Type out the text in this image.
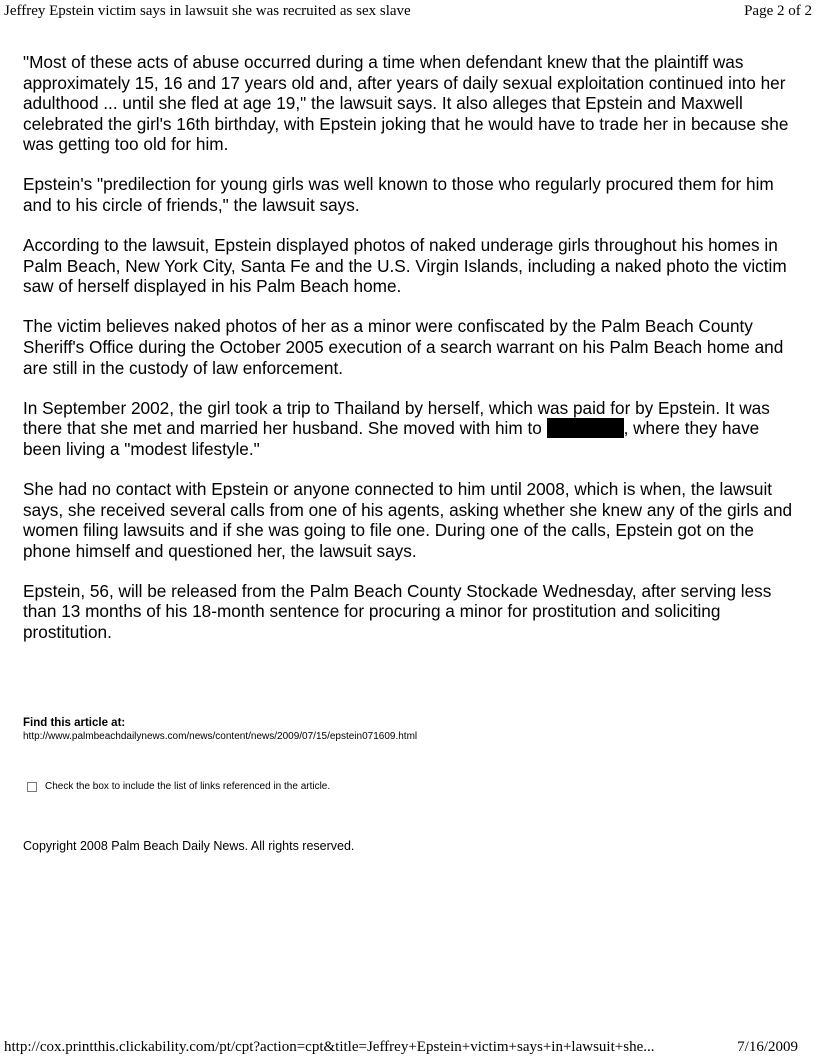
Jeffrey Epstein victim says in lawsuit she was recruited as sex slave	Page 2 of 2

"Most of these acts of abuse occurred during a time when defendant knew that the plaintiff was approximately 15, 16 and 17 years old and, after years of daily sexual exploitation continued into her adulthood ... until she fled at age 19," the lawsuit says. It also alleges that Epstein and Maxwell celebrated the girl's 16th birthday, with Epstein joking that he would have to trade her in because she was getting too old for him.

Epstein's "predilection for young girls was well known to those who regularly procured them for him and to his circle of friends," the lawsuit says.

According to the lawsuit, Epstein displayed photos of naked underage girls throughout his homes in Palm Beach, New York City, Santa Fe and the U.S. Virgin Islands, including a naked photo the victim saw of herself displayed in his Palm Beach home.

The victim believes naked photos of her as a minor were confiscated by the Palm Beach County Sheriff's Office during the October 2005 execution of a search warrant on his Palm Beach home and are still in the custody of law enforcement.

In September 2002, the girl took a trip to Thailand by herself, which was paid for by Epstein. It was there that she met and married her husband. She moved with him to	, where they have been living a "modest lifestyle."

She had no contact with Epstein or anyone connected to him until 2008, which is when, the lawsuit says, she received several calls from one of his agents, asking whether she knew any of the girls and women filing lawsuits and if she was going to file one. During one of the calls, Epstein got on the phone himself and questioned her, the lawsuit says.

Epstein, 56, will be released from the Palm Beach County Stockade Wednesday, after serving less than 13 months of his 18-month sentence for procuring a minor for prostitution and soliciting prostitution.

Find this article at:
http://www.palmbeachdailynews.com/news/content/news/2009/07/15/epstein071609.html
Check the box to include the list of links referenced in the article.
Copyright 2008 Palm Beach Daily News. All rights reserved.
http://cox.printthis.clickability.com/pt/cpt?action=cpt&title=Jeffrey+Epstein+victim+says+in+lawsuit+she...	7/16/2009
